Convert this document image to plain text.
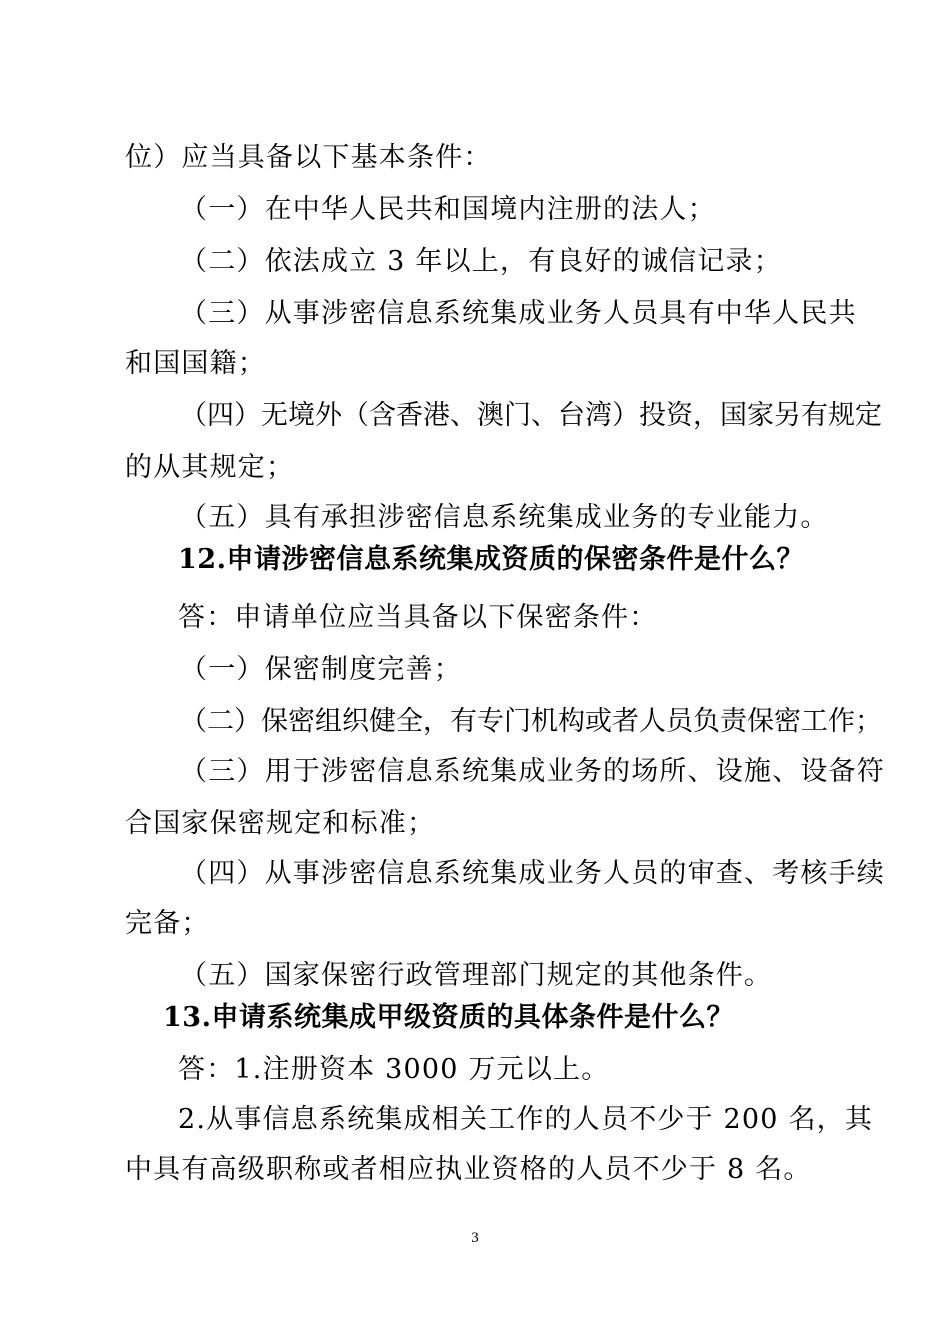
位）应当具备以下基本条件：
（一）在中华人民共和国境内注册的法人；
（二）依法成立 3 年以上，有良好的诚信记录；
（三）从事涉密信息系统集成业务人员具有中华人民共
和国国籍；
（四）无境外（含香港、澳门、台湾）投资，国家另有规定
的从其规定；
（五）具有承担涉密信息系统集成业务的专业能力。
12.申请涉密信息系统集成资质的保密条件是什么？
答：申请单位应当具备以下保密条件：
（一）保密制度完善；
（二）保密组织健全，有专门机构或者人员负责保密工作；
（三）用于涉密信息系统集成业务的场所、设施、设备符
合国家保密规定和标准；
（四）从事涉密信息系统集成业务人员的审查、考核手续
完备；
（五）国家保密行政管理部门规定的其他条件。
13.申请系统集成甲级资质的具体条件是什么？
答：1.注册资本 3000 万元以上。
2.从事信息系统集成相关工作的人员不少于 200 名，其
中具有高级职称或者相应执业资格的人员不少于 8 名。
3
